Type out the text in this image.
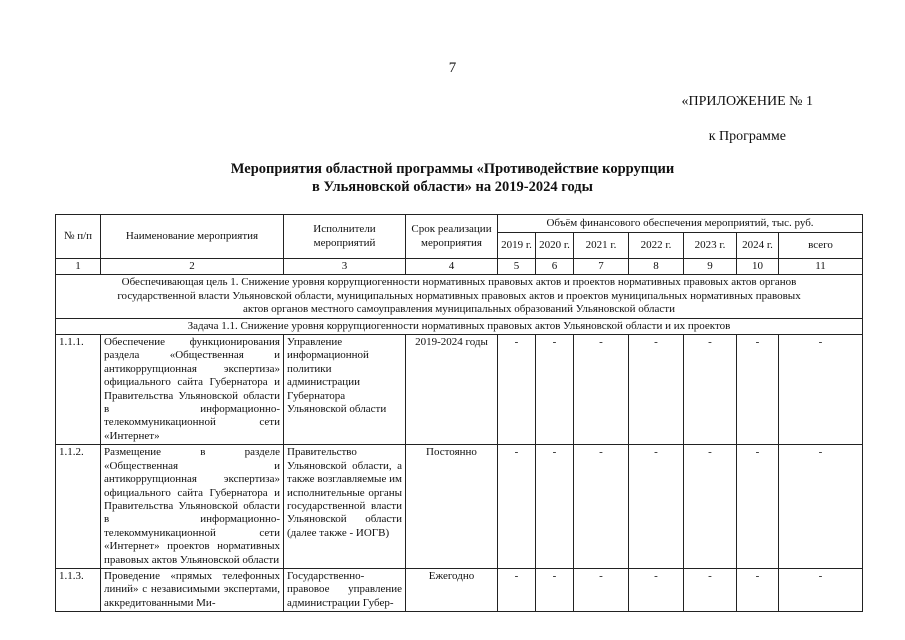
7
«ПРИЛОЖЕНИЕ № 1
к Программе
Мероприятия областной программы «Противодействие коррупции
в Ульяновской области» на 2019-2024 годы
№ п/п	Наименование мероприятия	Исполнители мероприятий	Срок реализации мероприятия	Объём финансового обеспечения мероприятий, тыс. руб.						
				2019 г.	2020 г.	2021 г.	2022 г.	2023 г.	2024 г.	всего
1	2	3	4	5	6	7	8	9	10	11
Обеспечивающая цель 1. Снижение уровня коррупциогенности нормативных правовых актов и проектов нормативных правовых актов органов государственной власти Ульяновской области, муниципальных нормативных правовых актов и проектов муниципальных нормативных правовых актов органов местного самоуправления муниципальных образований Ульяновской области										
Задача 1.1. Снижение уровня коррупциогенности нормативных правовых актов Ульяновской области и их проектов										
1.1.1.	Обеспечение функционирования раздела «Общественная и антикоррупционная экспертиза» официального сайта Губернатора и Правительства Ульяновской области в информационно-телекоммуникационной сети «Интернет»	Управление информационной политики администрации Губернатора Ульяновской области	2019-2024 годы	-	-	-	-	-	-	-
1.1.2.	Размещение в разделе «Общественная и антикоррупционная экспертиза» официального сайта Губернатора и Правительства Ульяновской области в информационно-телекоммуникационной сети «Интернет» проектов нормативных правовых актов Ульяновской области	Правительство Ульяновской области, а также возглавляемые им исполнительные органы государственной власти Ульяновской области (далее также - ИОГВ)	Постоянно	-	-	-	-	-	-	-
1.1.3.	Проведение «прямых телефонных линий» с независимыми экспертами, аккредитованными Ми-	Государственно-правовое управление администрации Губер-	Ежегодно	-	-	-	-	-	-	-
